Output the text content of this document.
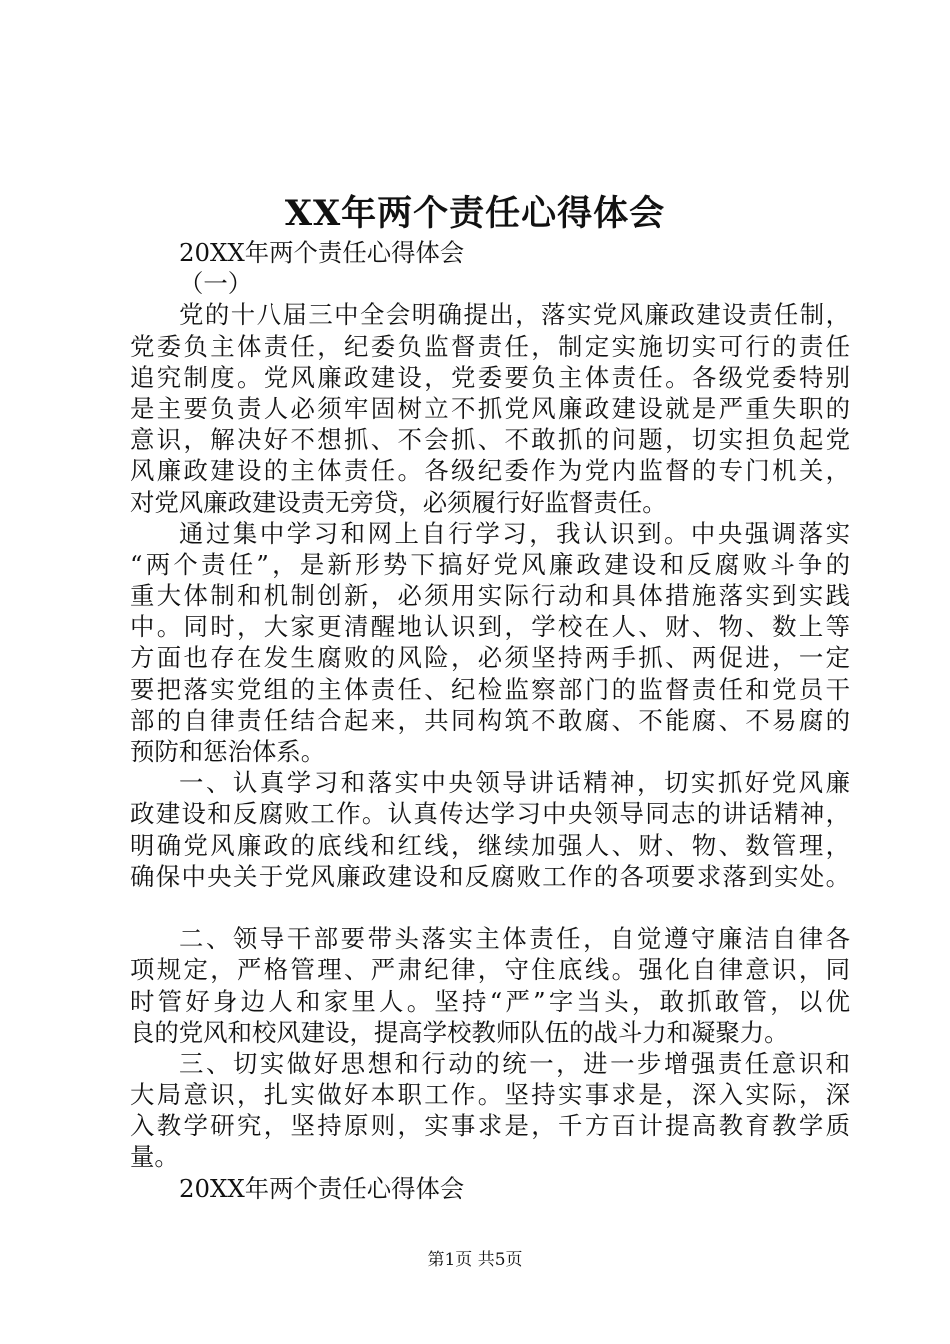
XX年两个责任心得体会
20XX年两个责任心得体会
（一）
党的十八届三中全会明确提出，落实党风廉政建设责任制，
党委负主体责任，纪委负监督责任，制定实施切实可行的责任
追究制度。党风廉政建设，党委要负主体责任。各级党委特别
是主要负责人必须牢固树立不抓党风廉政建设就是严重失职的
意识，解决好不想抓、不会抓、不敢抓的问题，切实担负起党
风廉政建设的主体责任。各级纪委作为党内监督的专门机关，
对党风廉政建设责无旁贷，必须履行好监督责任。
通过集中学习和网上自行学习，我认识到。中央强调落实
“两个责任”，是新形势下搞好党风廉政建设和反腐败斗争的
重大体制和机制创新，必须用实际行动和具体措施落实到实践
中。同时，大家更清醒地认识到，学校在人、财、物、数上等
方面也存在发生腐败的风险，必须坚持两手抓、两促进，一定
要把落实党组的主体责任、纪检监察部门的监督责任和党员干
部的自律责任结合起来，共同构筑不敢腐、不能腐、不易腐的
预防和惩治体系。
一、认真学习和落实中央领导讲话精神，切实抓好党风廉
政建设和反腐败工作。认真传达学习中央领导同志的讲话精神，
明确党风廉政的底线和红线，继续加强人、财、物、数管理，
确保中央关于党风廉政建设和反腐败工作的各项要求落到实处。
二、领导干部要带头落实主体责任，自觉遵守廉洁自律各
项规定，严格管理、严肃纪律，守住底线。强化自律意识，同
时管好身边人和家里人。坚持“严”字当头，敢抓敢管，以优
良的党风和校风建设，提高学校教师队伍的战斗力和凝聚力。
三、切实做好思想和行动的统一，进一步增强责任意识和
大局意识，扎实做好本职工作。坚持实事求是，深入实际，深
入教学研究，坚持原则，实事求是，千方百计提高教育教学质
量。
20XX年两个责任心得体会
第1页 共5页
